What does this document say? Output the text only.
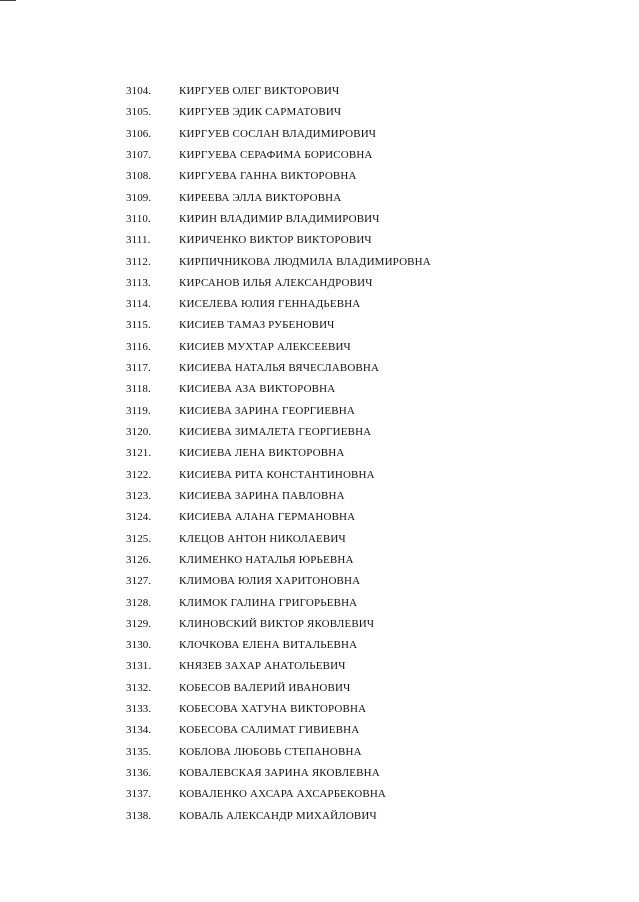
3104.	КИРГУЕВ ОЛЕГ ВИКТОРОВИЧ
3105.	КИРГУЕВ ЭДИК САРМАТОВИЧ
3106.	КИРГУЕВ СОСЛАН ВЛАДИМИРОВИЧ
3107.	КИРГУЕВА СЕРАФИМА БОРИСОВНА
3108.	КИРГУЕВА ГАННА ВИКТОРОВНА
3109.	КИРЕЕВА ЭЛЛА ВИКТОРОВНА
3110.	КИРИН ВЛАДИМИР ВЛАДИМИРОВИЧ
3111.	КИРИЧЕНКО ВИКТОР ВИКТОРОВИЧ
3112.	КИРПИЧНИКОВА ЛЮДМИЛА ВЛАДИМИРОВНА
3113.	КИРСАНОВ ИЛЬЯ АЛЕКСАНДРОВИЧ
3114.	КИСЕЛЕВА ЮЛИЯ ГЕННАДЬЕВНА
3115.	КИСИЕВ ТАМАЗ РУБЕНОВИЧ
3116.	КИСИЕВ МУХТАР АЛЕКСЕЕВИЧ
3117.	КИСИЕВА НАТАЛЬЯ ВЯЧЕСЛАВОВНА
3118.	КИСИЕВА АЗА ВИКТОРОВНА
3119.	КИСИЕВА ЗАРИНА ГЕОРГИЕВНА
3120.	КИСИЕВА ЗИМАЛЕТА ГЕОРГИЕВНА
3121.	КИСИЕВА ЛЕНА ВИКТОРОВНА
3122.	КИСИЕВА РИТА КОНСТАНТИНОВНА
3123.	КИСИЕВА ЗАРИНА ПАВЛОВНА
3124.	КИСИЕВА АЛАНА ГЕРМАНОВНА
3125.	КЛЕЦОВ АНТОН НИКОЛАЕВИЧ
3126.	КЛИМЕНКО НАТАЛЬЯ ЮРЬЕВНА
3127.	КЛИМОВА ЮЛИЯ ХАРИТОНОВНА
3128.	КЛИМОК ГАЛИНА ГРИГОРЬЕВНА
3129.	КЛИНОВСКИЙ ВИКТОР ЯКОВЛЕВИЧ
3130.	КЛОЧКОВА ЕЛЕНА ВИТАЛЬЕВНА
3131.	КНЯЗЕВ ЗАХАР АНАТОЛЬЕВИЧ
3132.	КОБЕСОВ ВАЛЕРИЙ ИВАНОВИЧ
3133.	КОБЕСОВА ХАТУНА ВИКТОРОВНА
3134.	КОБЕСОВА САЛИМАТ ГИВИЕВНА
3135.	КОБЛОВА ЛЮБОВЬ СТЕПАНОВНА
3136.	КОВАЛЕВСКАЯ ЗАРИНА ЯКОВЛЕВНА
3137.	КОВАЛЕНКО АХСАРА АХСАРБЕКОВНА
3138.	КОВАЛЬ АЛЕКСАНДР МИХАЙЛОВИЧ
